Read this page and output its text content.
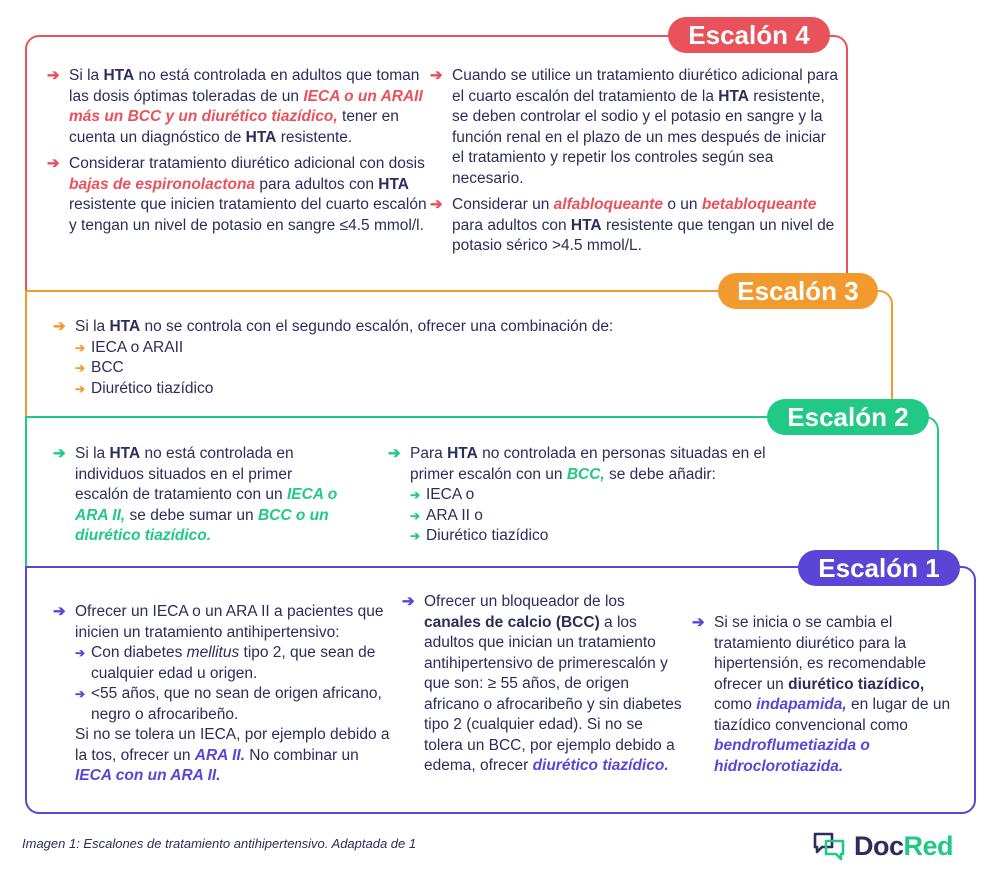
Escalón 4
Escalón 3
Escalón 2
Escalón 1
➔ Si la HTA no está controlada en adultos que toman las dosis óptimas toleradas de un IECA o un ARAII más un BCC y un diurético tiazídico, tener en cuenta un diagnóstico de HTA resistente.
➔ Considerar tratamiento diurético adicional con dosis bajas de espironolactona para adultos con HTA resistente que inicien tratamiento del cuarto escalón y tengan un nivel de potasio en sangre ≤4.5 mmol/l.
➔ Cuando se utilice un tratamiento diurético adicional para el cuarto escalón del tratamiento de la HTA resistente, se deben controlar el sodio y el potasio en sangre y la función renal en el plazo de un mes después de iniciar el tratamiento y repetir los controles según sea necesario.
➔ Considerar un alfabloqueante o un betabloqueante para adultos con HTA resistente que tengan un nivel de potasio sérico >4.5 mmol/L.
➔ Si la HTA no se controla con el segundo escalón, ofrecer una combinación de:
➔ IECA o ARAII
➔ BCC
➔ Diurético tiazídico
➔ Si la HTA no está controlada en individuos situados en el primer escalón de tratamiento con un IECA o ARA II, se debe sumar un BCC o un diurético tiazídico.
➔ Para HTA no controlada en personas situadas en el primer escalón con un BCC, se debe añadir:
➔ IECA o
➔ ARA II o
➔ Diurético tiazídico
➔ Ofrecer un IECA o un ARA II a pacientes que inicien un tratamiento antihipertensivo:
➔ Con diabetes mellitus tipo 2, que sean de cualquier edad u origen.
➔ <55 años, que no sean de origen africano, negro o afrocaribeño.
Si no se tolera un IECA, por ejemplo debido a la tos, ofrecer un ARA II. No combinar un IECA con un ARA II.
➔ Ofrecer un bloqueador de los canales de calcio (BCC) a los adultos que inician un tratamiento antihipertensivo de primerescalón y que son: ≥ 55 años, de origen africano o afrocaribeño y sin diabetes tipo 2 (cualquier edad). Si no se tolera un BCC, por ejemplo debido a edema, ofrecer diurético tiazídico.
➔ Si se inicia o se cambia el tratamiento diurético para la hipertensión, es recomendable ofrecer un diurético tiazídico, como indapamida, en lugar de un tiazídico convencional como bendroflumetiazida o hidroclorotiazida.
Imagen 1: Escalones de tratamiento antihipertensivo. Adaptada de 1	DocRed
